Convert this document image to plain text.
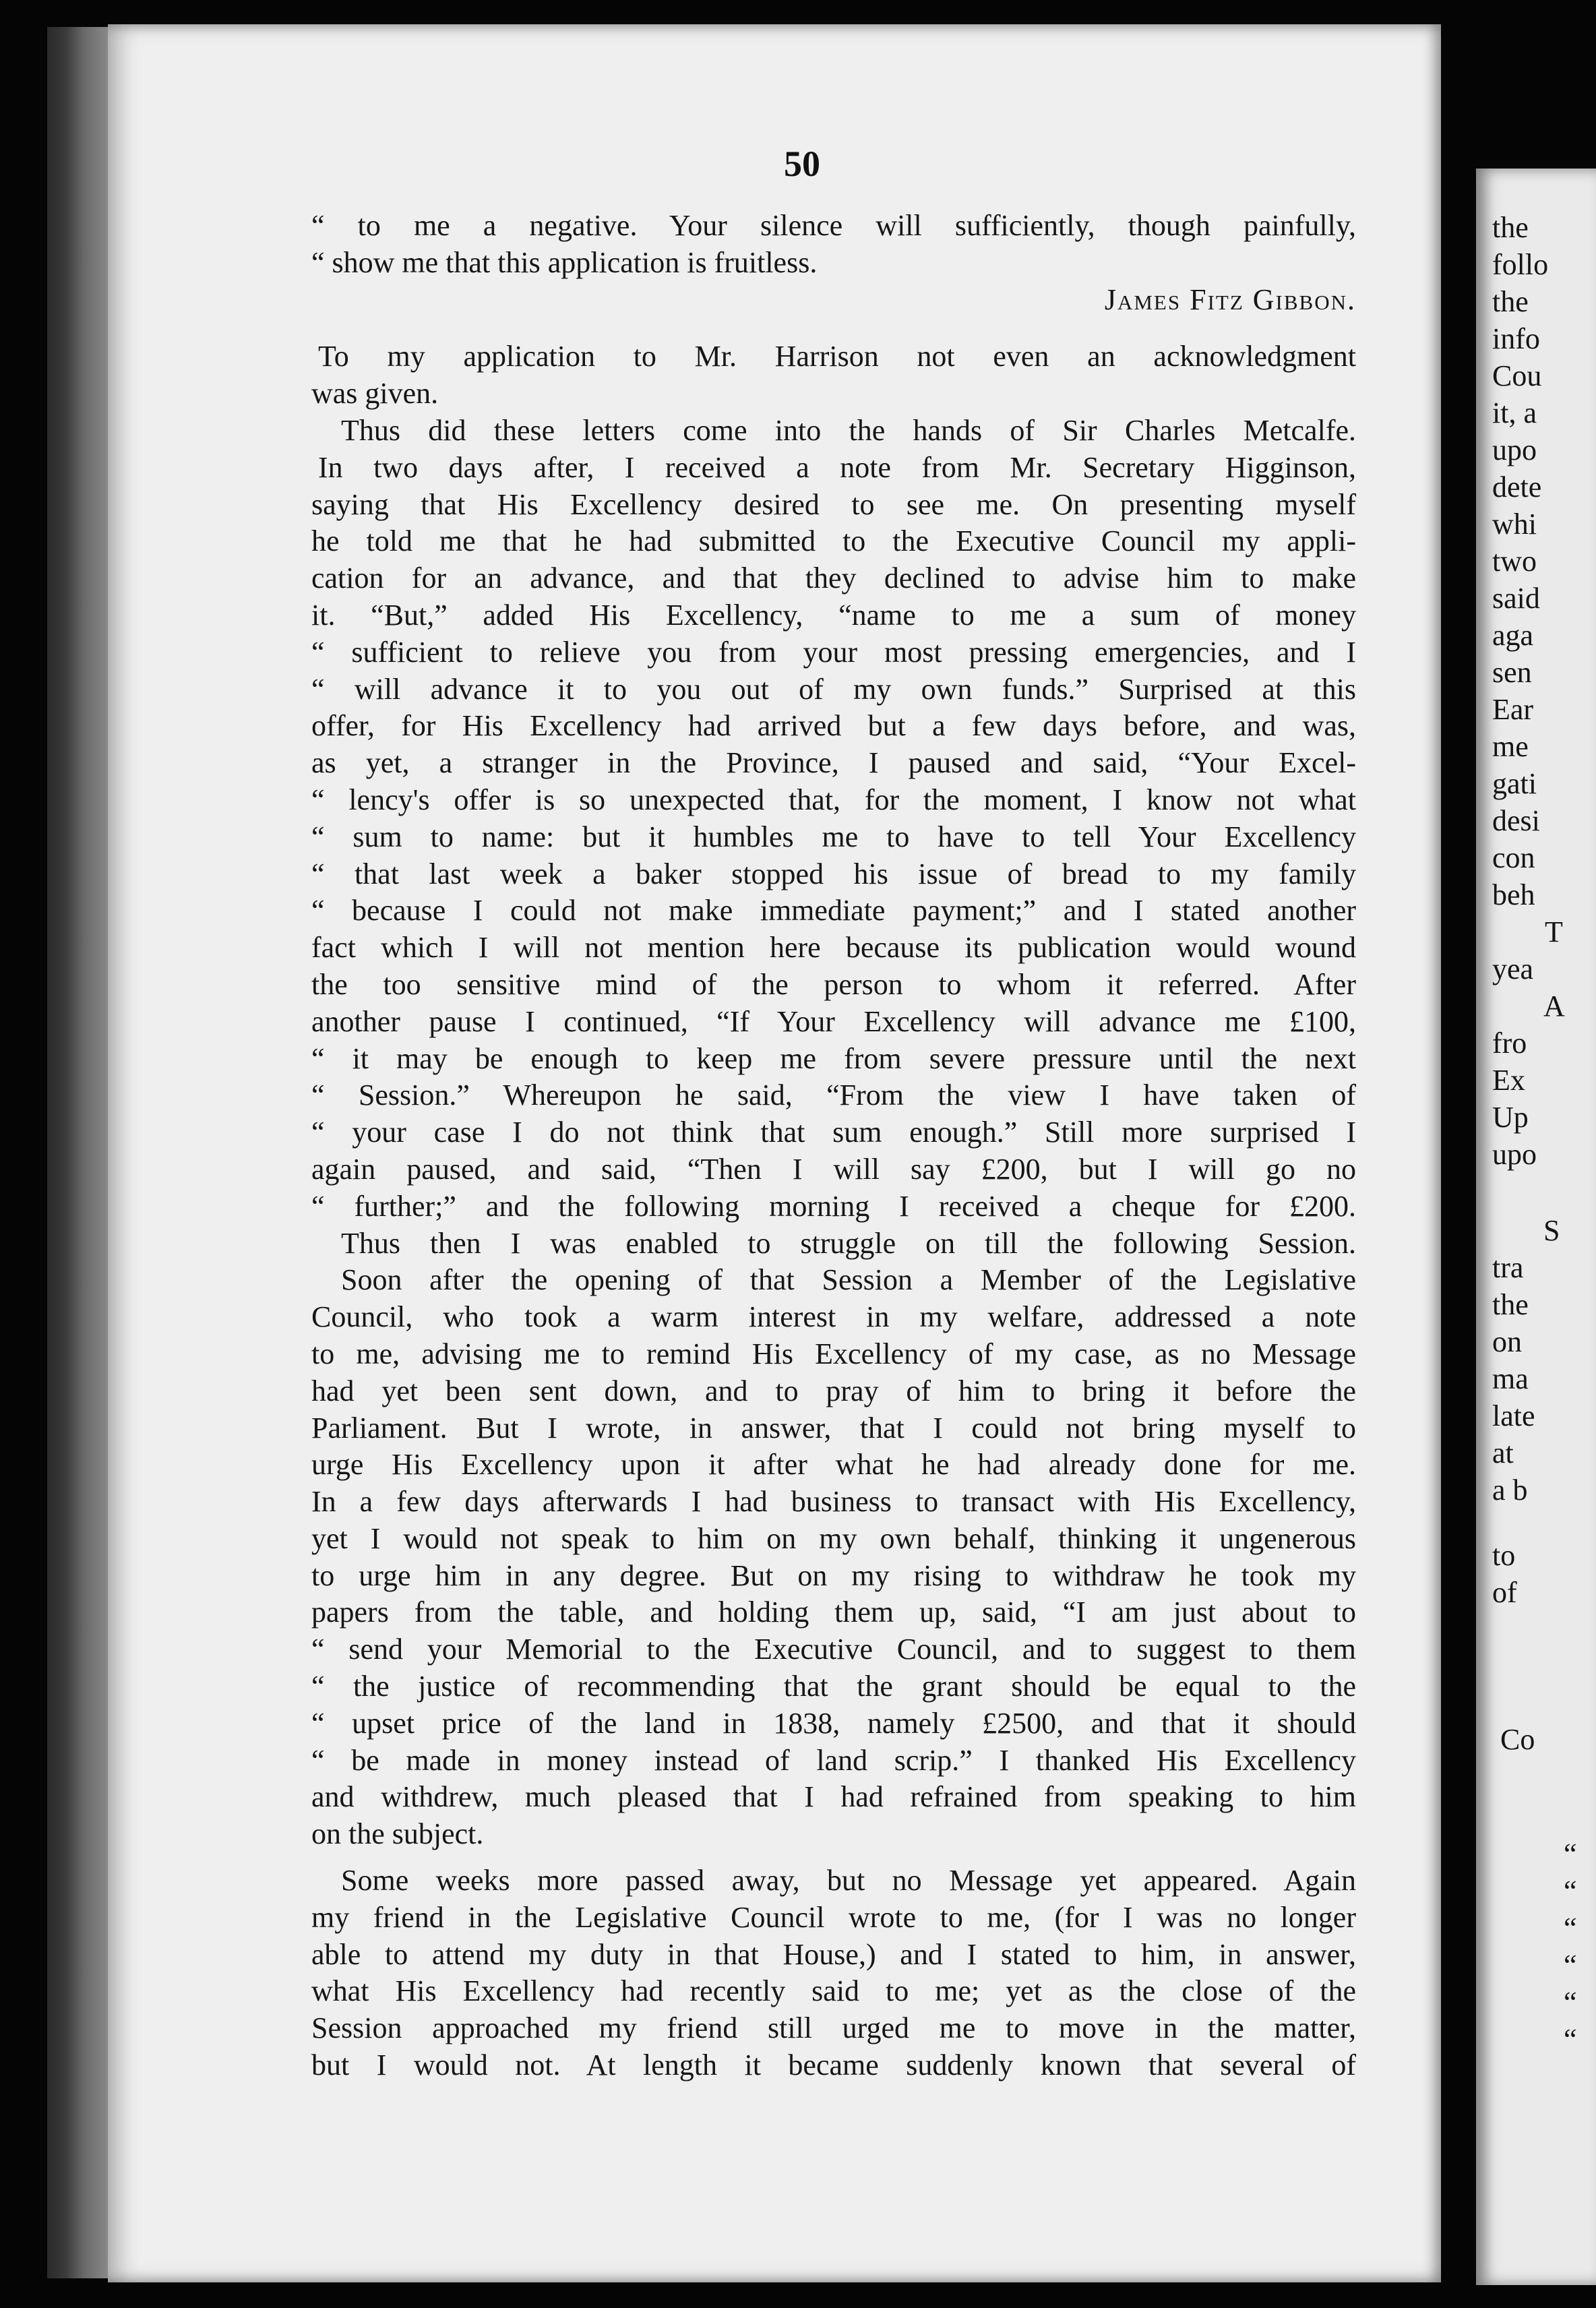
50
“ to me a negative. Your silence will sufficiently, though painfully,
“ show me that this application is fruitless.
James Fitz Gibbon.
To my application to Mr. Harrison not even an acknowledgment
was given.
Thus did these letters come into the hands of Sir Charles Metcalfe.
In two days after, I received a note from Mr. Secretary Higginson,
saying that His Excellency desired to see me. On presenting myself
he told me that he had submitted to the Executive Council my appli-
cation for an advance, and that they declined to advise him to make
it. “But,” added His Excellency, “name to me a sum of money
“ sufficient to relieve you from your most pressing emergencies, and I
“ will advance it to you out of my own funds.” Surprised at this
offer, for His Excellency had arrived but a few days before, and was,
as yet, a stranger in the Province, I paused and said, “Your Excel-
“ lency's offer is so unexpected that, for the moment, I know not what
“ sum to name: but it humbles me to have to tell Your Excellency
“ that last week a baker stopped his issue of bread to my family
“ because I could not make immediate payment;” and I stated another
fact which I will not mention here because its publication would wound
the too sensitive mind of the person to whom it referred. After
another pause I continued, “If Your Excellency will advance me £100,
“ it may be enough to keep me from severe pressure until the next
“ Session.” Whereupon he said, “From the view I have taken of
“ your case I do not think that sum enough.” Still more surprised I
again paused, and said, “Then I will say £200, but I will go no
“ further;” and the following morning I received a cheque for £200.
Thus then I was enabled to struggle on till the following Session.
Soon after the opening of that Session a Member of the Legislative
Council, who took a warm interest in my welfare, addressed a note
to me, advising me to remind His Excellency of my case, as no Message
had yet been sent down, and to pray of him to bring it before the
Parliament. But I wrote, in answer, that I could not bring myself to
urge His Excellency upon it after what he had already done for me.
In a few days afterwards I had business to transact with His Excellency,
yet I would not speak to him on my own behalf, thinking it ungenerous
to urge him in any degree. But on my rising to withdraw he took my
papers from the table, and holding them up, said, “I am just about to
“ send your Memorial to the Executive Council, and to suggest to them
“ the justice of recommending that the grant should be equal to the
“ upset price of the land in 1838, namely £2500, and that it should
“ be made in money instead of land scrip.” I thanked His Excellency
and withdrew, much pleased that I had refrained from speaking to him
on the subject.
Some weeks more passed away, but no Message yet appeared. Again
my friend in the Legislative Council wrote to me, (for I was no longer
able to attend my duty in that House,) and I stated to him, in answer,
what His Excellency had recently said to me; yet as the close of the
Session approached my friend still urged me to move in the matter,
but I would not. At length it became suddenly known that several of
the
follo
the
info
Cou
it, a
upo
dete
whi
two
said
aga
sen
Ear
me
gati
desi
con
beh
T
yea
A
fro
Ex
Up
upo
S
tra
the
on
ma
late
at
a b
to
of
Co
“
“
“
“
“
“
